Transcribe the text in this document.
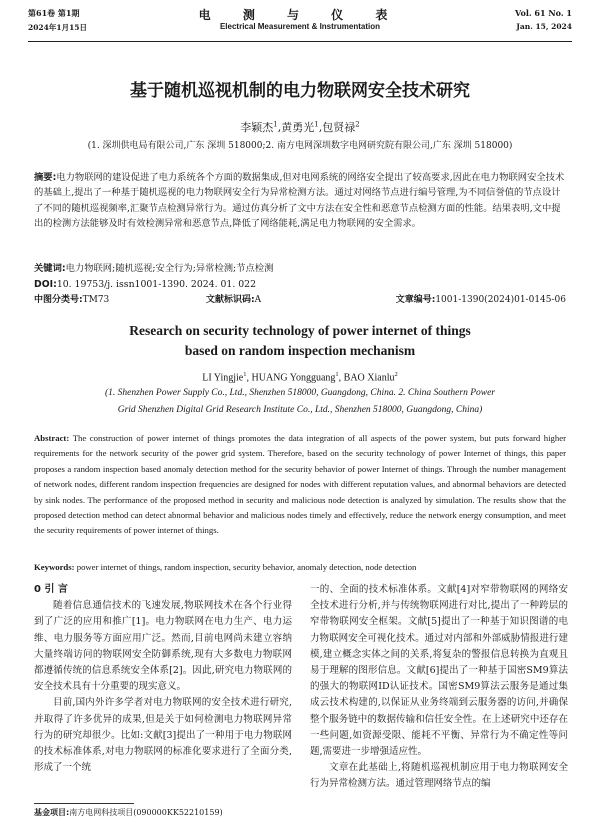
第61卷 第1期
2024年1月15日
电 测 与 仪 表
Electrical Measurement & Instrumentation
Vol. 61 No. 1
Jan. 15, 2024
基于随机巡视机制的电力物联网安全技术研究
李颖杰$^1$,黄勇光$^1$,包贤禄$^2$
(1. 深圳供电局有限公司,广东 深圳 518000;2. 南方电网深圳数字电网研究院有限公司,广东 深圳 518000)
摘要:电力物联网的建设促进了电力系统各个方面的数据集成,但对电网系统的网络安全提出了较高要求,因此在电力物联网安全技术的基础上,提出了一种基于随机巡视的电力物联网安全行为异常检测方法。通过对网络节点进行编号管理,为不同信誉值的节点设计了不同的随机巡视频率,汇聚节点检测异常行为。通过仿真分析了文中方法在安全性和恶意节点检测方面的性能。结果表明,文中提出的检测方法能够及时有效检测异常和恶意节点,降低了网络能耗,满足电力物联网的安全需求。
关键词:电力物联网;随机巡视;安全行为;异常检测;节点检测
DOI:10. 19753/j. issn1001-1390. 2024. 01. 022
中图分类号:TM73	文献标识码:A	文章编号:1001-1390(2024)01-0145-06
Research on security technology of power internet of things
based on random inspection mechanism
LI Yingjie$^1$, HUANG Yongguang$^1$, BAO Xianlu$^2$
(1. Shenzhen Power Supply Co., Ltd., Shenzhen 518000, Guangdong, China. 2. China Southern Power
Grid Shenzhen Digital Grid Research Institute Co., Ltd., Shenzhen 518000, Guangdong, China)
Abstract: The construction of power internet of things promotes the data integration of all aspects of the power system, but puts forward higher requirements for the network security of the power grid system. Therefore, based on the security technology of power Internet of things, this paper proposes a random inspection based anomaly detection method for the security behavior of power Internet of things. Through the number management of network nodes, different random inspection frequencies are designed for nodes with different reputation values, and abnormal behaviors are detected by sink nodes. The performance of the proposed method in security and malicious node detection is analyzed by simulation. The results show that the proposed detection method can detect abnormal behavior and malicious nodes timely and effectively, reduce the network energy consumption, and meet the security requirements of power internet of things.
Keywords: power internet of things, random inspection, security behavior, anomaly detection, node detection
0 引 言

随着信息通信技术的飞速发展,物联网技术在各个行业得到了广泛的应用和推广[1]。电力物联网在电力生产、电力运维、电力服务等方面应用广泛。然而,目前电网尚未建立容纳大量终端访问的物联网安全防御系统,现有大多数电力物联网都遵循传统的信息系统安全体系[2]。因此,研究电力物联网的安全技术具有十分重要的现实意义。

目前,国内外许多学者对电力物联网的安全技术进行研究,并取得了许多优异的成果,但是关于如何检测电力物联网异常行为的研究却很少。比如:文献[3]提出了一种用于电力物联网的技术标准体系,对电力物联网的标准化要求进行了全面分类,形成了一个统

一的、全面的技术标准体系。文献[4]对窄带物联网的网络安全技术进行分析,并与传统物联网进行对比,提出了一种跨层的窄带物联网安全框架。文献[5]提出了一种基于知识图谱的电力物联网安全可视化技术。通过对内部和外部威胁情报进行建模,建立概念实体之间的关系,将复杂的警报信息转换为直观且易于理解的图形信息。文献[6]提出了一种基于国密SM9算法的强大的物联网ID认证技术。国密SM9算法云服务是通过集成云技术构建的,以保证从业务终端到云服务器的访问,并确保整个服务链中的数据传输和信任安全性。在上述研究中还存在一些问题,如资源受限、能耗不平衡、异常行为不确定性等问题,需要进一步增强适应性。

文章在此基础上,将随机巡视机制应用于电力物联网安全行为异常检测方法。通过管理网络节点的编

基金项目:南方电网科技项目(090000KK52210159)
